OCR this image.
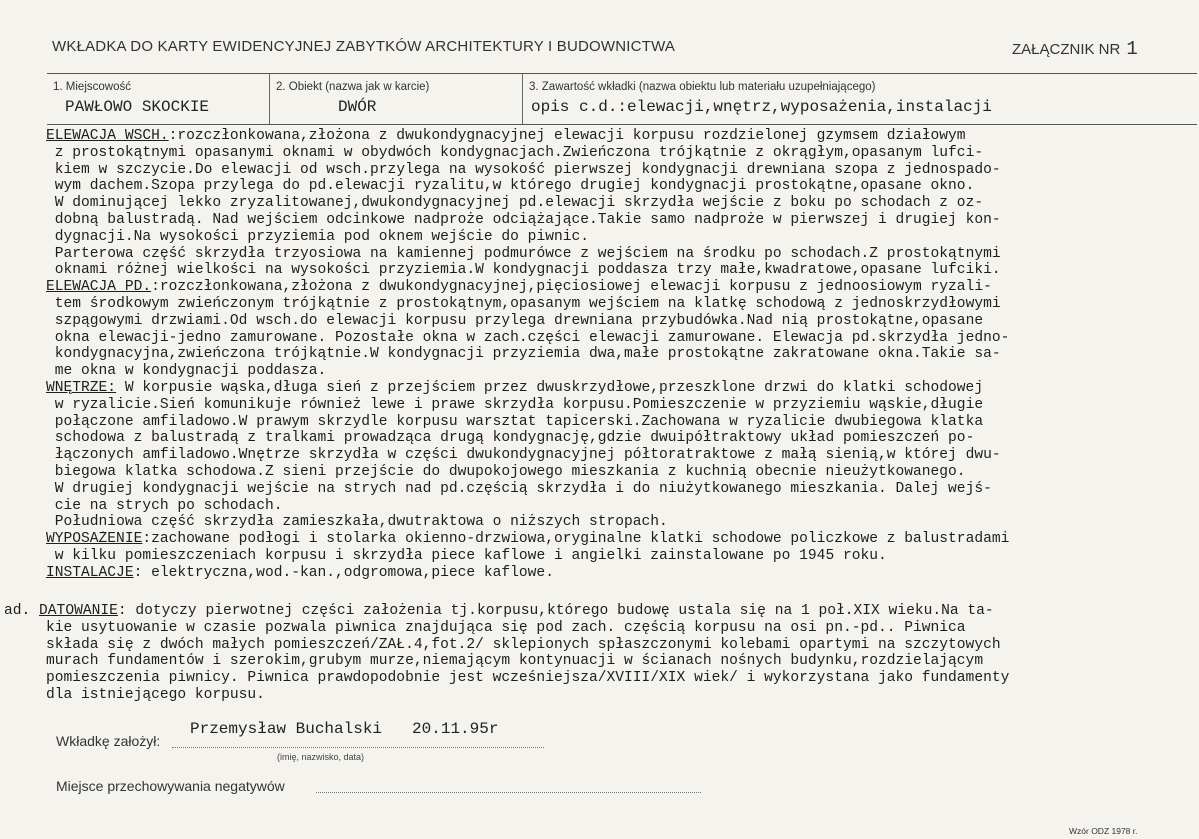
WKŁADKA DO KARTY EWIDENCYJNEJ ZABYTKÓW ARCHITEKTURY I BUDOWNICTWA	ZAŁĄCZNIK NR 1
1. Miejscowość
PAWŁOWO SKOCKIE
2. Obiekt (nazwa jak w karcie)
DWÓR
3. Zawartość wkładki (nazwa obiektu lub materiału uzupełniającego)
opis c.d.:elewacji,wnętrz,wyposażenia,instalacji
ELEWACJA WSCH.:rozczłonkowana,złożona z dwukondygnacyjnej elewacji korpusu rozdzielonej gzymsem działowym
z prostokątnymi opasanymi oknami w obydwóch kondygnacjach.Zwieńczona trójkątnie z okrągłym,opasanym lufci-
kiem w szczycie.Do elewacji od wsch.przylega na wysokość pierwszej kondygnacji drewniana szopa z jednospado-
wym dachem.Szopa przylega do pd.elewacji ryzalitu,w którego drugiej kondygnacji prostokątne,opasane okno.
W dominującej lekko zryzalitowanej,dwukondygnacyjnej pd.elewacji skrzydła wejście z boku po schodach z oz-
dobną balustradą. Nad wejściem odcinkowe nadproże odciążające.Takie samo nadproże w pierwszej i drugiej kon-
dygnacji.Na wysokości przyziemia pod oknem wejście do piwnic.
Parterowa część skrzydła trzyosiowa na kamiennej podmurówce z wejściem na środku po schodach.Z prostokątnymi
oknami różnej wielkości na wysokości przyziemia.W kondygnacji poddasza trzy małe,kwadratowe,opasane lufciki.
ELEWACJA PD.:rozczłonkowana,złożona z dwukondygnacyjnej,pięciosiowej elewacji korpusu z jednoosiowym ryzali-
tem środkowym zwieńczonym trójkątnie z prostokątnym,opasanym wejściem na klatkę schodową z jednoskrzydłowymi
szpągowymi drzwiami.Od wsch.do elewacji korpusu przylega drewniana przybudówka.Nad nią prostokątne,opasane
okna elewacji-jedno zamurowane. Pozostałe okna w zach.części elewacji zamurowane. Elewacja pd.skrzydła jedno-
kondygnacyjna,zwieńczona trójkątnie.W kondygnacji przyziemia dwa,małe prostokątne zakratowane okna.Takie sa-
me okna w kondygnacji poddasza.
WNĘTRZE: W korpusie wąska,długa sień z przejściem przez dwuskrzydłowe,przeszklone drzwi do klatki schodowej
w ryzalicie.Sień komunikuje również lewe i prawe skrzydła korpusu.Pomieszczenie w przyziemiu wąskie,długie
połączone amfiladowo.W prawym skrzydle korpusu warsztat tapicerski.Zachowana w ryzalicie dwubiegowa klatka
schodowa z balustradą z tralkami prowadząca drugą kondygnację,gdzie dwuipółtraktowy układ pomieszczeń po-
łączonych amfiladowo.Wnętrze skrzydła w części dwukondygnacyjnej półtoratraktowe z małą sienią,w której dwu-
biegowa klatka schodowa.Z sieni przejście do dwupokojowego mieszkania z kuchnią obecnie nieużytkowanego.
W drugiej kondygnacji wejście na strych nad pd.częścią skrzydła i do niużytkowanego mieszkania. Dalej wejś-
cie na strych po schodach.
Południowa część skrzydła zamieszkała,dwutraktowa o niższych stropach.
WYPOSAŻENIE:zachowane podłogi i stolarka okienno-drzwiowa,oryginalne klatki schodowe policzkowe z balustradami
w kilku pomieszczeniach korpusu i skrzydła piece kaflowe i angielki zainstalowane po 1945 roku.
INSTALACJE: elektryczna,wod.-kan.,odgromowa,piece kaflowe.
ad. DATOWANIE: dotyczy pierwotnej części założenia tj.korpusu,którego budowę ustala się na 1 poł.XIX wieku.Na ta-
kie usytuowanie w czasie pozwala piwnica znajdująca się pod zach. częścią korpusu na osi pn.-pd.. Piwnica
składa się z dwóch małych pomieszczeń/ZAŁ.4,fot.2/ sklepionych spłaszczonymi kolebami opartymi na szczytowych
murach fundamentów i szerokim,grubym murze,niemającym kontynuacji w ścianach nośnych budynku,rozdzielającym
pomieszczenia piwnicy. Piwnica prawdopodobnie jest wcześniejsza/XVIII/XIX wiek/ i wykorzystana jako fundamenty
dla istniejącego korpusu.
Wkładkę założył:
Przemysław Buchalski 20.11.95r
(imię, nazwisko, data)
Miejsce przechowywania negatywów
Wzór ODZ 1978 r.
